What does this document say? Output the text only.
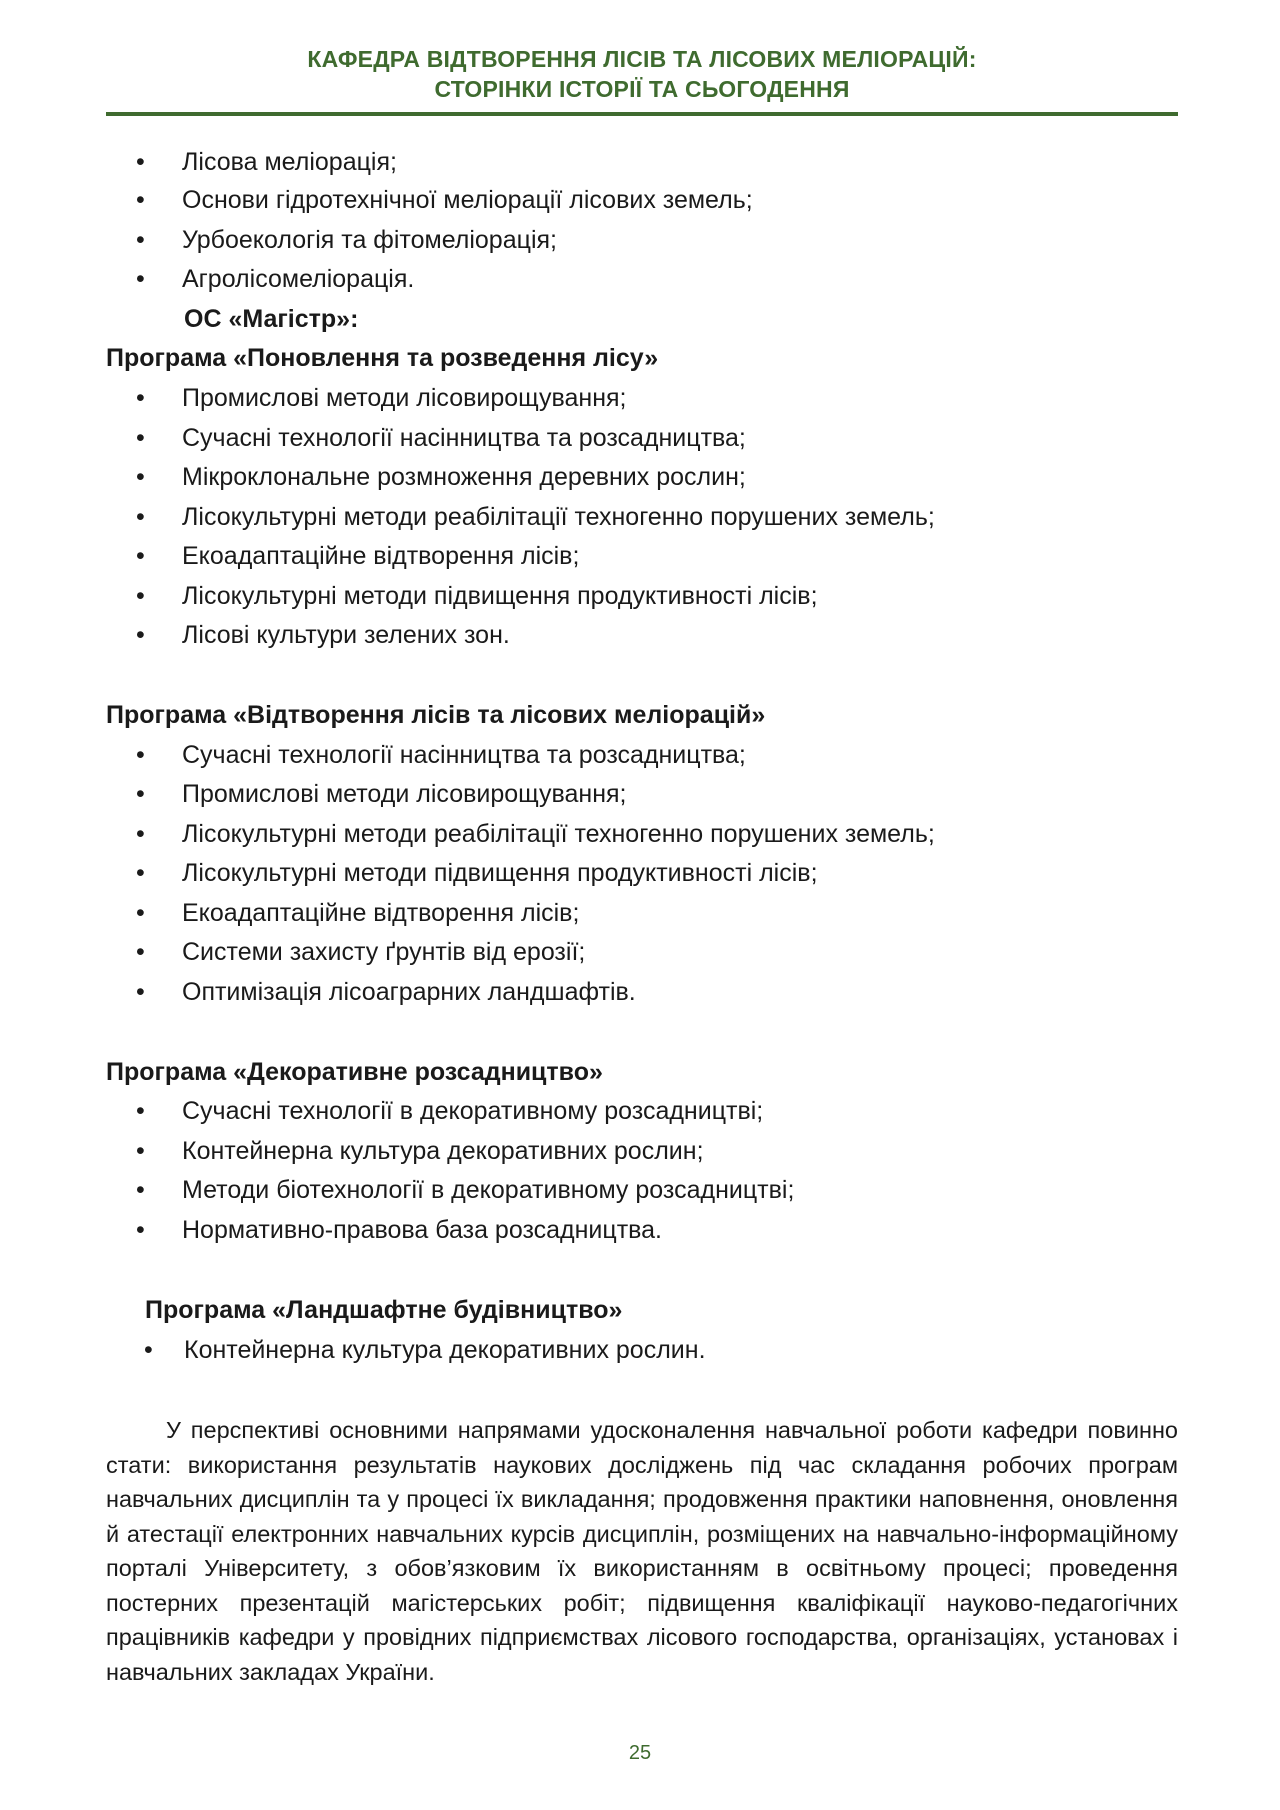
КАФЕДРА ВІДТВОРЕННЯ ЛІСІВ ТА ЛІСОВИХ МЕЛІОРАЦІЙ:
СТОРІНКИ ІСТОРІЇ ТА СЬОГОДЕННЯ
• Лісова меліорація;
• Основи гідротехнічної меліорації лісових земель;
• Урбоекологія та фітомеліорація;
• Агролісомеліорація.
ОС «Магістр»:
Програма «Поновлення та розведення лісу»
• Промислові методи лісовирощування;
• Сучасні технології насінництва та розсадництва;
• Мікроклональне розмноження деревних рослин;
• Лісокультурні методи реабілітації техногенно порушених земель;
• Екоадаптаційне відтворення лісів;
• Лісокультурні методи підвищення продуктивності лісів;
• Лісові культури зелених зон.
Програма «Відтворення лісів та лісових меліорацій»
• Сучасні технології насінництва та розсадництва;
• Промислові методи лісовирощування;
• Лісокультурні методи реабілітації техногенно порушених земель;
• Лісокультурні методи підвищення продуктивності лісів;
• Екоадаптаційне відтворення лісів;
• Системи захисту ґрунтів від ерозії;
• Оптимізація лісоаграрних ландшафтів.
Програма «Декоративне розсадництво»
• Сучасні технології в декоративному розсадництві;
• Контейнерна культура декоративних рослин;
• Методи біотехнології в декоративному розсадництві;
• Нормативно-правова база розсадництва.
Програма «Ландшафтне будівництво»
• Контейнерна культура декоративних рослин.
У перспективі основними напрямами удосконалення навчальної роботи кафедри повинно стати: використання результатів наукових досліджень під час складання робочих програм навчальних дисциплін та у процесі їх викладання; продовження практики наповнення, оновлення й атестації електронних навчальних курсів дисциплін, розміщених на навчально-інформаційному порталі Університету, з обов’язковим їх використанням в освітньому процесі; проведення постерних презентацій магістерських робіт; підвищення кваліфікації науково-педагогічних працівників кафедри у провідних підприємствах лісового господарства, організаціях, установах і навчальних закладах України.
25
